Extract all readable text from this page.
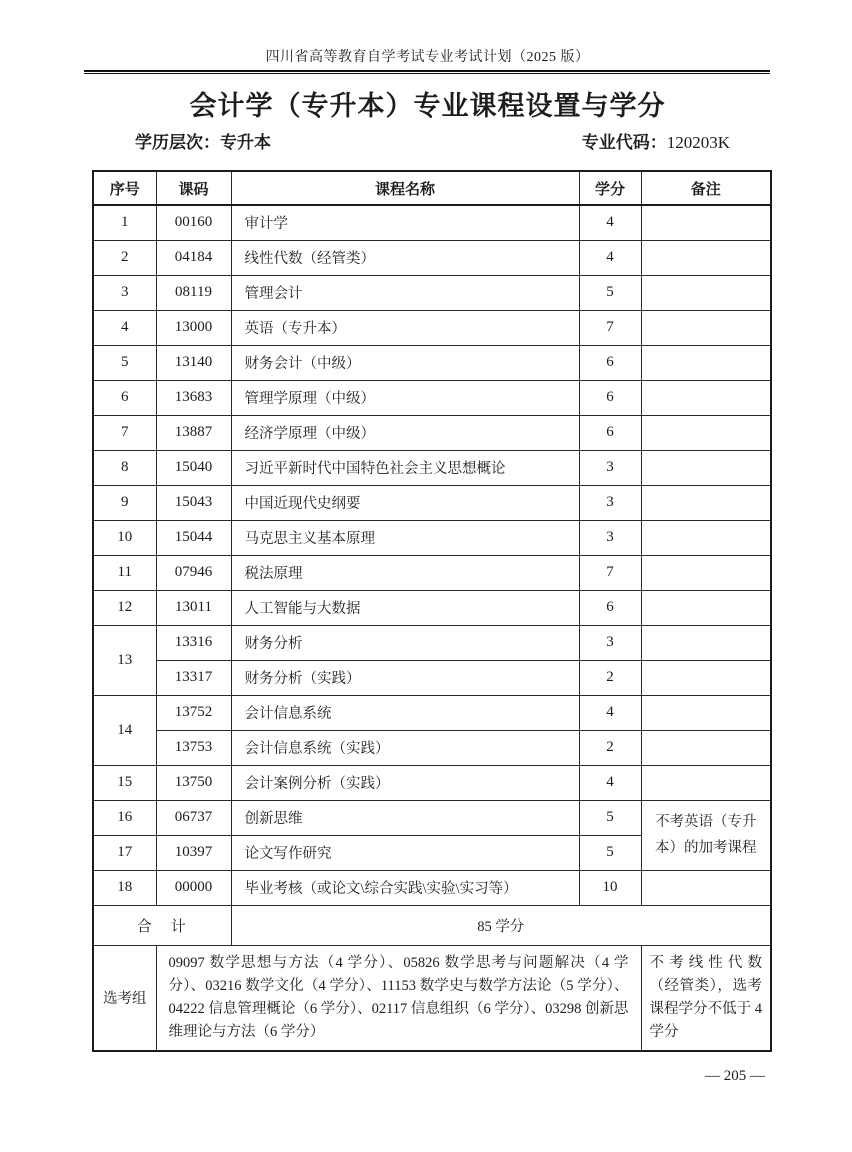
四川省高等教育自学考试专业考试计划（2025 版）
会计学（专升本）专业课程设置与学分
学历层次：专升本	专业代码：120203K
序号	课码	课程名称	学分	备注
1	00160	审计学	4	
2	04184	线性代数（经管类）	4	
3	08119	管理会计	5	
4	13000	英语（专升本）	7	
5	13140	财务会计（中级）	6	
6	13683	管理学原理（中级）	6	
7	13887	经济学原理（中级）	6	
8	15040	习近平新时代中国特色社会主义思想概论	3	
9	15043	中国近现代史纲要	3	
10	15044	马克思主义基本原理	3	
11	07946	税法原理	7	
12	13011	人工智能与大数据	6	
13	13316	财务分析	3	
	13317	财务分析（实践）	2	
14	13752	会计信息系统	4	
	13753	会计信息系统（实践）	2	
15	13750	会计案例分析（实践）	4	
16	06737	创新思维	5	不考英语（专升本）的加考课程
17	10397	论文写作研究	5	
18	00000	毕业考核（或论文\综合实践\实验\实习等）	10	
合　计		85 学分		
选考组	09097 数学思想与方法（4 学分）、05826 数学思考与问题解决（4 学分）、03216 数学文化（4 学分）、11153 数学史与数学方法论（5 学分）、04222 信息管理概论（6 学分）、02117 信息组织（6 学分）、03298 创新思维理论与方法（6 学分）			不考线性代数（经管类），选考课程学分不低于 4 学分
— 205 —
